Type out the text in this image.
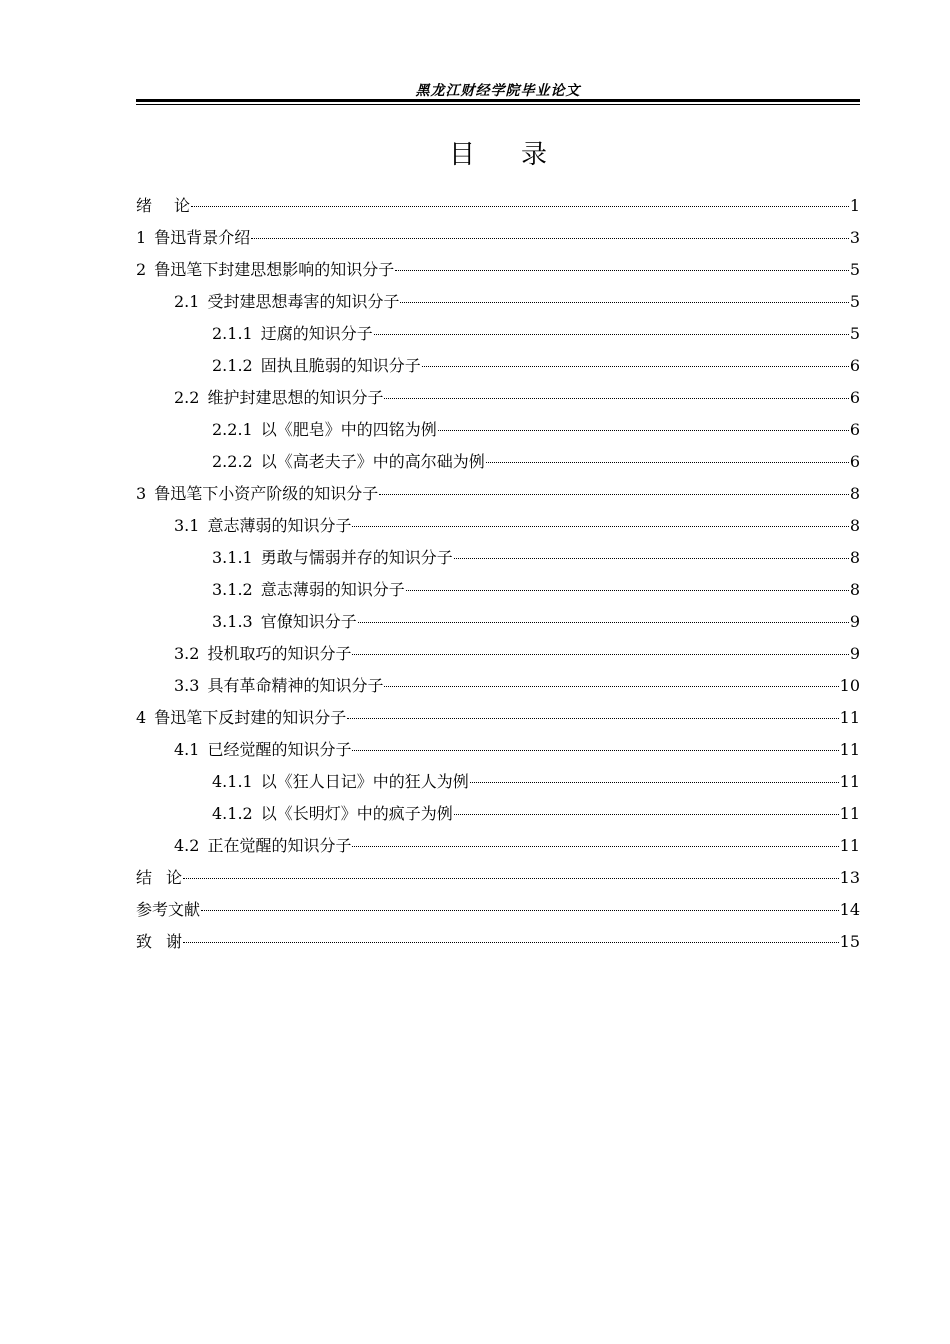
黑龙江财经学院毕业论文
目录
绪论	1
1 鲁迅背景介绍	3
2 鲁迅笔下封建思想影响的知识分子	5
2.1 受封建思想毒害的知识分子	5
2.1.1 迂腐的知识分子	5
2.1.2 固执且脆弱的知识分子	6
2.2 维护封建思想的知识分子	6
2.2.1 以《肥皂》中的四铭为例	6
2.2.2 以《高老夫子》中的高尔础为例	6
3 鲁迅笔下小资产阶级的知识分子	8
3.1 意志薄弱的知识分子	8
3.1.1 勇敢与懦弱并存的知识分子	8
3.1.2 意志薄弱的知识分子	8
3.1.3 官僚知识分子	9
3.2 投机取巧的知识分子	9
3.3 具有革命精神的知识分子	10
4 鲁迅笔下反封建的知识分子	11
4.1 已经觉醒的知识分子	11
4.1.1 以《狂人日记》中的狂人为例	11
4.1.2 以《长明灯》中的疯子为例	11
4.2 正在觉醒的知识分子	11
结论	13
参考文献	14
致谢	15
